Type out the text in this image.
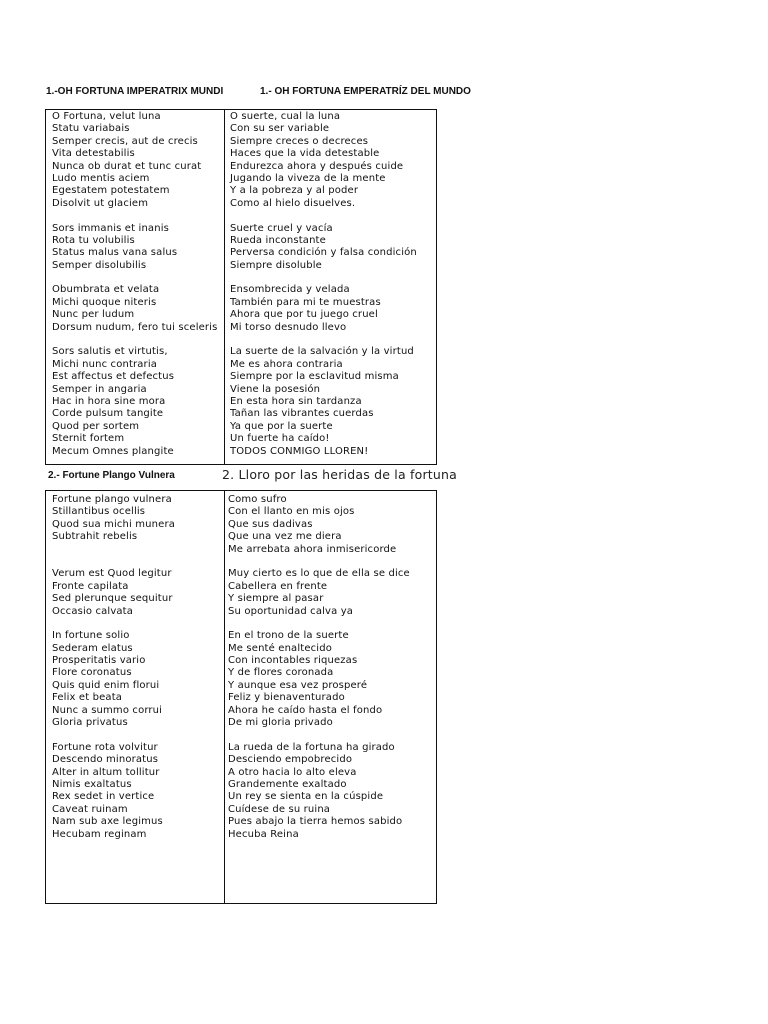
1.-OH FORTUNA IMPERATRIX MUNDI	1.- OH FORTUNA EMPERATRÍZ DEL MUNDO
O Fortuna, velut luna
Statu variabais
Semper crecis, aut de crecis
Vita detestabilis
Nunca ob durat et tunc curat
Ludo mentis aciem
Egestatem potestatem
Disolvit ut glaciem
Sors immanis et inanis
Rota tu volubilis
Status malus vana salus
Semper disolubilis
Obumbrata et velata
Michi quoque niteris
Nunc per ludum
Dorsum nudum, fero tui sceleris
Sors salutis et virtutis,
Michi nunc contraria
Est affectus et defectus
Semper in angaria
Hac in hora sine mora
Corde pulsum tangite
Quod per sortem
Sternit fortem
Mecum Omnes plangite
O suerte, cual la luna
Con su ser variable
Siempre creces o decreces
Haces que la vida detestable
Endurezca ahora y después cuide
Jugando la viveza de la mente
Y a la pobreza y al poder
Como al hielo disuelves.
Suerte cruel y vacía
Rueda inconstante
Perversa condición y falsa condición
Siempre disoluble
Ensombrecida y velada
También para mi te muestras
Ahora que por tu juego cruel
Mi torso desnudo llevo
La suerte de la salvación y la virtud
Me es ahora contraria
Siempre por la esclavitud misma
Viene la posesión
En esta hora sin tardanza
Tañan las vibrantes cuerdas
Ya que por la suerte
Un fuerte ha caído!
TODOS CONMIGO LLOREN!
2.- Fortune Plango Vulnera	2. Lloro por las heridas de la fortuna
Fortune plango vulnera
Stillantibus ocellis
Quod sua michi munera
Subtrahit rebelis
Verum est Quod legitur
Fronte capilata
Sed plerunque sequitur
Occasio calvata
In fortune solio
Sederam elatus
Prosperitatis vario
Flore coronatus
Quis quid enim florui
Felix et beata
Nunc a summo corrui
Gloria privatus
Fortune rota volvitur
Descendo minoratus
Alter in altum tollitur
Nimis exaltatus
Rex sedet in vertice
Caveat ruinam
Nam sub axe legimus
Hecubam reginam
Como sufro
Con el llanto en mis ojos
Que sus dadivas
Que una vez me diera
Me arrebata ahora inmisericorde
Muy cierto es lo que de ella se dice
Cabellera en frente
Y siempre al pasar
Su oportunidad calva ya
En el trono de la suerte
Me senté enaltecido
Con incontables riquezas
Y de flores coronada
Y aunque esa vez prosperé
Feliz y bienaventurado
Ahora he caído hasta el fondo
De mi gloria privado
La rueda de la fortuna ha girado
Desciendo empobrecido
A otro hacia lo alto eleva
Grandemente exaltado
Un rey se sienta en la cúspide
Cuídese de su ruina
Pues abajo la tierra hemos sabido
Hecuba Reina
